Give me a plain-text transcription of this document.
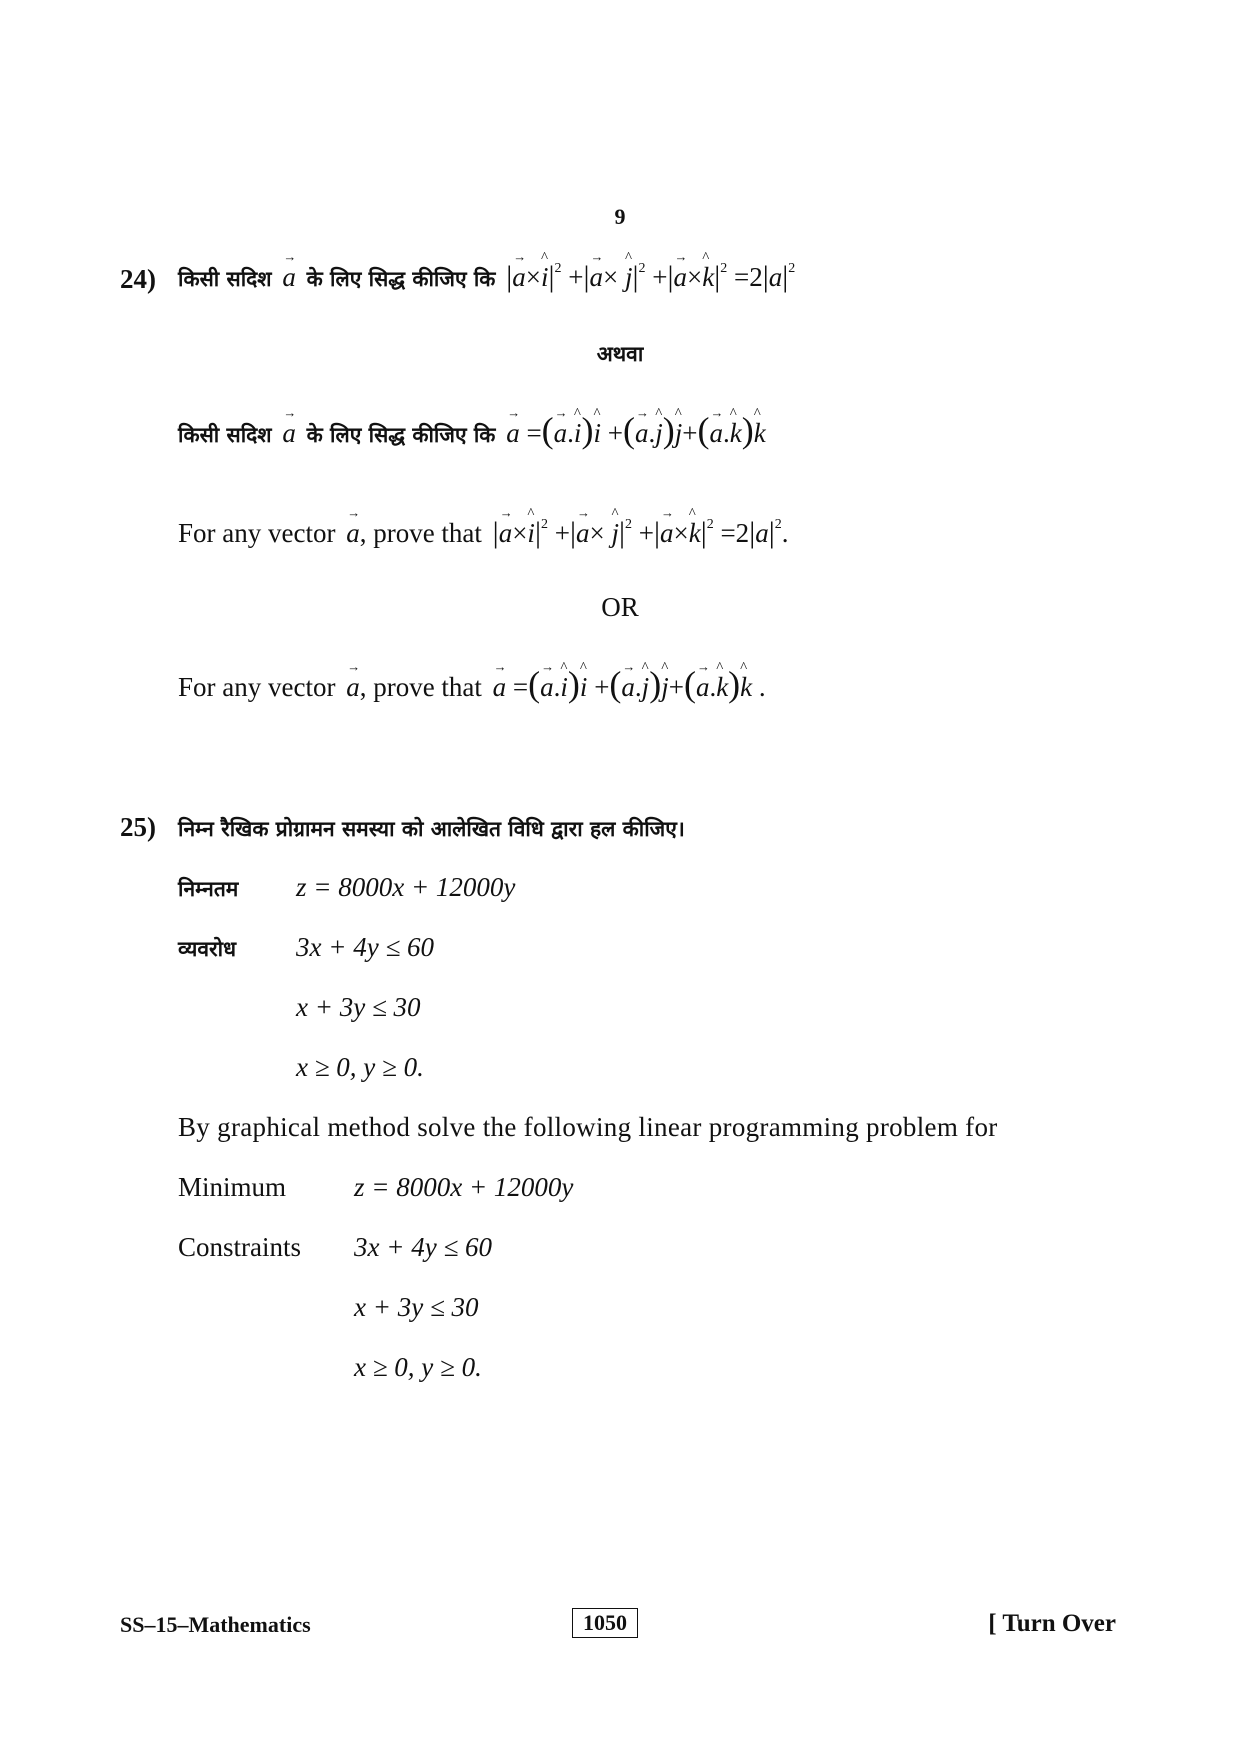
9
24) किसी सदिश → a के लिए सिद्ध कीजिए कि |→ a×^ $i|^2$ +|→ a× ^ $j|^2$ +|→ a×^ $k|^2 =2|a|^2$
अथवा
किसी सदिश → a के लिए सिद्ध कीजिए कि → a =(→ a.^ i)^ i +(→ a.^ j)^ j+(→ a.^ k)^ k
For any vector → a, prove that |→ a×^ $i|^2$ +|→ a× ^ $j|^2$ +|→ a×^ $k|^2 =2|a|^2$.
OR
For any vector → a, prove that → a =(→ a.^ i)^ i +(→ a.^ j)^ j+(→ a.^ k)^ k .
25) निम्न रैखिक प्रोग्रामन समस्या को आलेखित विधि द्वारा हल कीजिए।
निम्नतम z = 8000x + 12000y
व्यवरोध 3x + 4y ≤ 60
x + 3y ≤ 30
x ≥ 0, y ≥ 0.
By graphical method solve the following linear programming problem for
Minimum	z = 8000x + 12000y
Constraints 3x + 4y ≤ 60
x + 3y ≤ 30
x ≥ 0, y ≥ 0.
SS–15–Mathematics	1050	[ Turn Over
